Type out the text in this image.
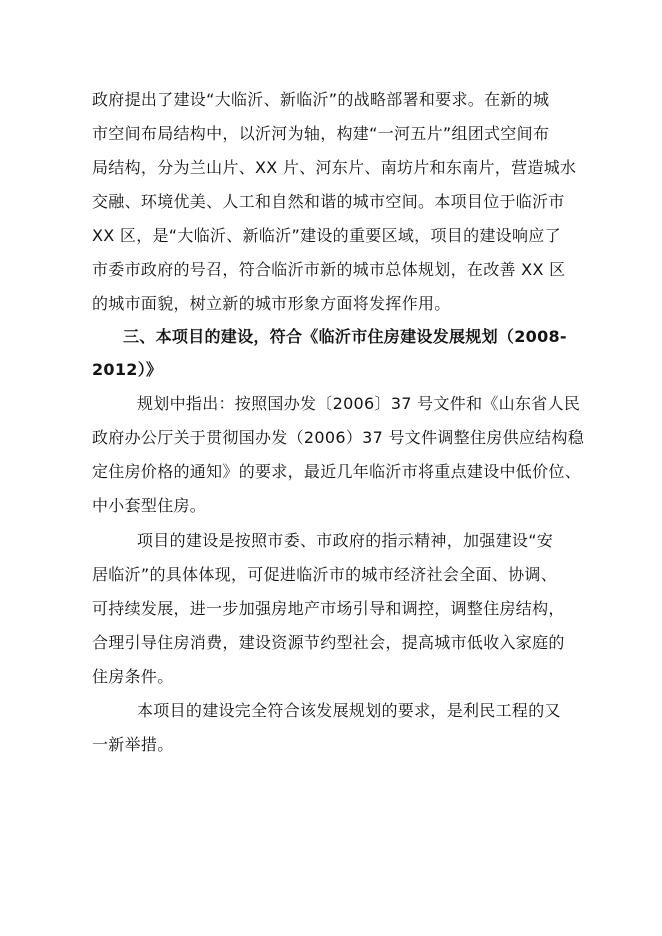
政府提出了建设“大临沂、新临沂”的战略部署和要求。在新的城
市空间布局结构中，以沂河为轴，构建“一河五片”组团式空间布
局结构，分为兰山片、XX 片、河东片、南坊片和东南片，营造城水
交融、环境优美、人工和自然和谐的城市空间。本项目位于临沂市
XX 区，是“大临沂、新临沂”建设的重要区域，项目的建设响应了
市委市政府的号召，符合临沂市新的城市总体规划，在改善 XX 区
的城市面貌，树立新的城市形象方面将发挥作用。
三、本项目的建设，符合《临沂市住房建设发展规划（2008-
2012）》
规划中指出：按照国办发〔2006〕37 号文件和《山东省人民
政府办公厅关于贯彻国办发（2006）37 号文件调整住房供应结构稳
定住房价格的通知》的要求，最近几年临沂市将重点建设中低价位、
中小套型住房。
项目的建设是按照市委、市政府的指示精神，加强建设“安
居临沂”的具体体现，可促进临沂市的城市经济社会全面、协调、
可持续发展，进一步加强房地产市场引导和调控，调整住房结构，
合理引导住房消费，建设资源节约型社会，提高城市低收入家庭的
住房条件。
本项目的建设完全符合该发展规划的要求，是利民工程的又
一新举措。
